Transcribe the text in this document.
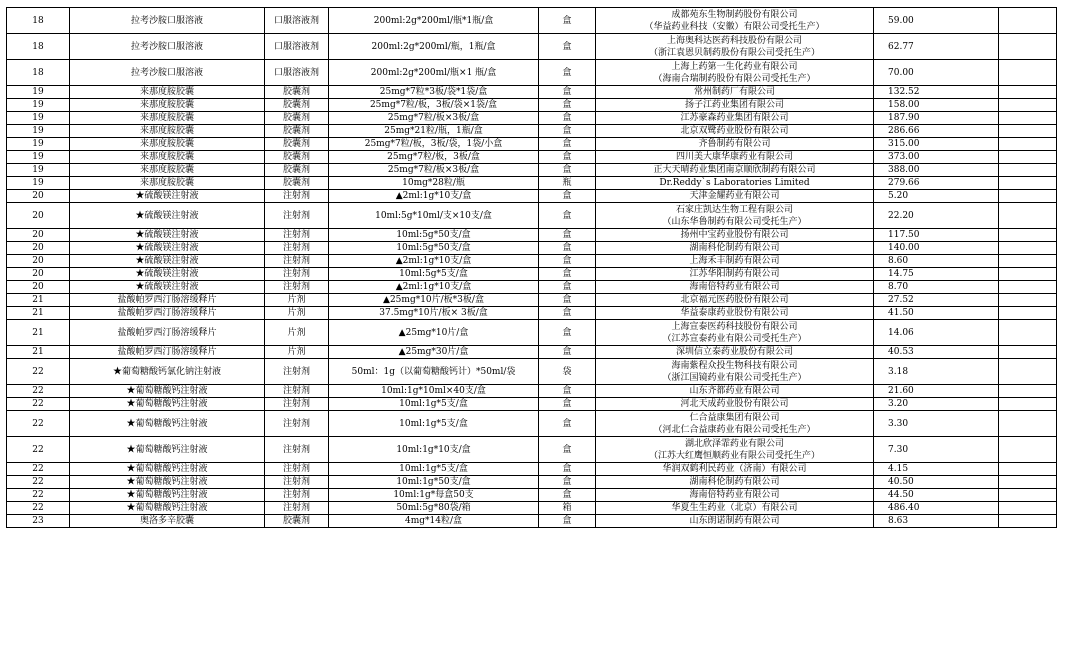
18	拉考沙胺口服溶液	口服溶液剂	200ml:2g*200ml/瓶*1瓶/盒	盒	成都苑东生物制药股份有限公司
（华益药业科技（安徽）有限公司受托生产）	59.00	
18	拉考沙胺口服溶液	口服溶液剂	200ml:2g*200ml/瓶，1瓶/盒	盒	上海奥科达医药科技股份有限公司
（浙江袁恩贝制药股份有限公司受托生产）	62.77	
18	拉考沙胺口服溶液	口服溶液剂	200ml:2g*200ml/瓶×1 瓶/盒	盒	上海上药第一生化药业有限公司
（海南合瑞制药股份有限公司受托生产）	70.00	
19	来那度胺胶囊	胶囊剂	25mg*7粒*3板/袋*1袋/盒	盒	常州制药厂有限公司	132.52	
19	来那度胺胶囊	胶囊剂	25mg*7粒/板，3板/袋×1袋/盒	盒	扬子江药业集团有限公司	158.00	
19	来那度胺胶囊	胶囊剂	25mg*7粒/板×3板/盒	盒	江苏豪森药业集团有限公司	187.90	
19	来那度胺胶囊	胶囊剂	25mg*21粒/瓶，1瓶/盒	盒	北京双鹭药业股份有限公司	286.66	
19	来那度胺胶囊	胶囊剂	25mg*7粒/板，3板/袋，1袋/小盒	盒	齐鲁制药有限公司	315.00	
19	来那度胺胶囊	胶囊剂	25mg*7粒/板，3板/盒	盒	四川美大康华康药业有限公司	373.00	
19	来那度胺胶囊	胶囊剂	25mg*7粒/板×3板/盒	盒	正大天晴药业集团南京顺欣制药有限公司	388.00	
19	来那度胺胶囊	胶囊剂	10mg*28粒/瓶	瓶	Dr.Reddy`s Laboratories Limited	279.66	
20	★硫酸镁注射液	注射剂	▲2ml:1g*10支/盒	盒	天津金耀药业有限公司	5.20	
20	★硫酸镁注射液	注射剂	10ml:5g*10ml/支×10支/盒	盒	石家庄凯达生物工程有限公司
（山东华鲁制药有限公司受托生产）	22.20	
20	★硫酸镁注射液	注射剂	10ml:5g*50支/盒	盒	扬州中宝药业股份有限公司	117.50	
20	★硫酸镁注射液	注射剂	10ml:5g*50支/盒	盒	湖南科伦制药有限公司	140.00	
20	★硫酸镁注射液	注射剂	▲2ml:1g*10支/盒	盒	上海禾丰制药有限公司	8.60	
20	★硫酸镁注射液	注射剂	10ml:5g*5支/盒	盒	江苏华阳制药有限公司	14.75	
20	★硫酸镁注射液	注射剂	▲2ml:1g*10支/盒	盒	海南倍特药业有限公司	8.70	
21	盐酸帕罗西汀肠溶缓释片	片剂	▲25mg*10片/板*3板/盒	盒	北京福元医药股份有限公司	27.52	
21	盐酸帕罗西汀肠溶缓释片	片剂	37.5mg*10片/板× 3板/盒	盒	华益泰康药业股份有限公司	41.50	
21	盐酸帕罗西汀肠溶缓释片	片剂	▲25mg*10片/盒	盒	上海宣泰医药科技股份有限公司
（江苏宣泰药业有限公司受托生产）	14.06	
21	盐酸帕罗西汀肠溶缓释片	片剂	▲25mg*30片/盒	盒	深圳信立泰药业股份有限公司	40.53	
22	★葡萄糖酸钙氯化钠注射液	注射剂	50ml：1g（以葡萄糖酸钙计）*50ml/袋	袋	海南紫程众投生物科技有限公司
（浙江国镜药业有限公司受托生产）	3.18	
22	★葡萄糖酸钙注射液	注射剂	10ml:1g*10ml×40支/盒	盒	山东齐都药业有限公司	21.60	
22	★葡萄糖酸钙注射液	注射剂	10ml:1g*5支/盒	盒	河北天成药业股份有限公司	3.20	
22	★葡萄糖酸钙注射液	注射剂	10ml:1g*5支/盒	盒	仁合益康集团有限公司
（河北仁合益康药业有限公司受托生产）	3.30	
22	★葡萄糖酸钙注射液	注射剂	10ml:1g*10支/盒	盒	湖北欣泽霏药业有限公司
（江苏大红鹰恒顺药业有限公司受托生产）	7.30	
22	★葡萄糖酸钙注射液	注射剂	10ml:1g*5支/盒	盒	华润双鹤利民药业（济南）有限公司	4.15	
22	★葡萄糖酸钙注射液	注射剂	10ml:1g*50支/盒	盒	湖南科伦制药有限公司	40.50	
22	★葡萄糖酸钙注射液	注射剂	10ml:1g*每盒50支	盒	海南倍特药业有限公司	44.50	
22	★葡萄糖酸钙注射液	注射剂	50ml:5g*80袋/箱	箱	华夏生生药业（北京）有限公司	486.40	
23	奥洛多辛胶囊	胶囊剂	4mg*14粒/盒	盒	山东朗诺制药有限公司	8.63	
